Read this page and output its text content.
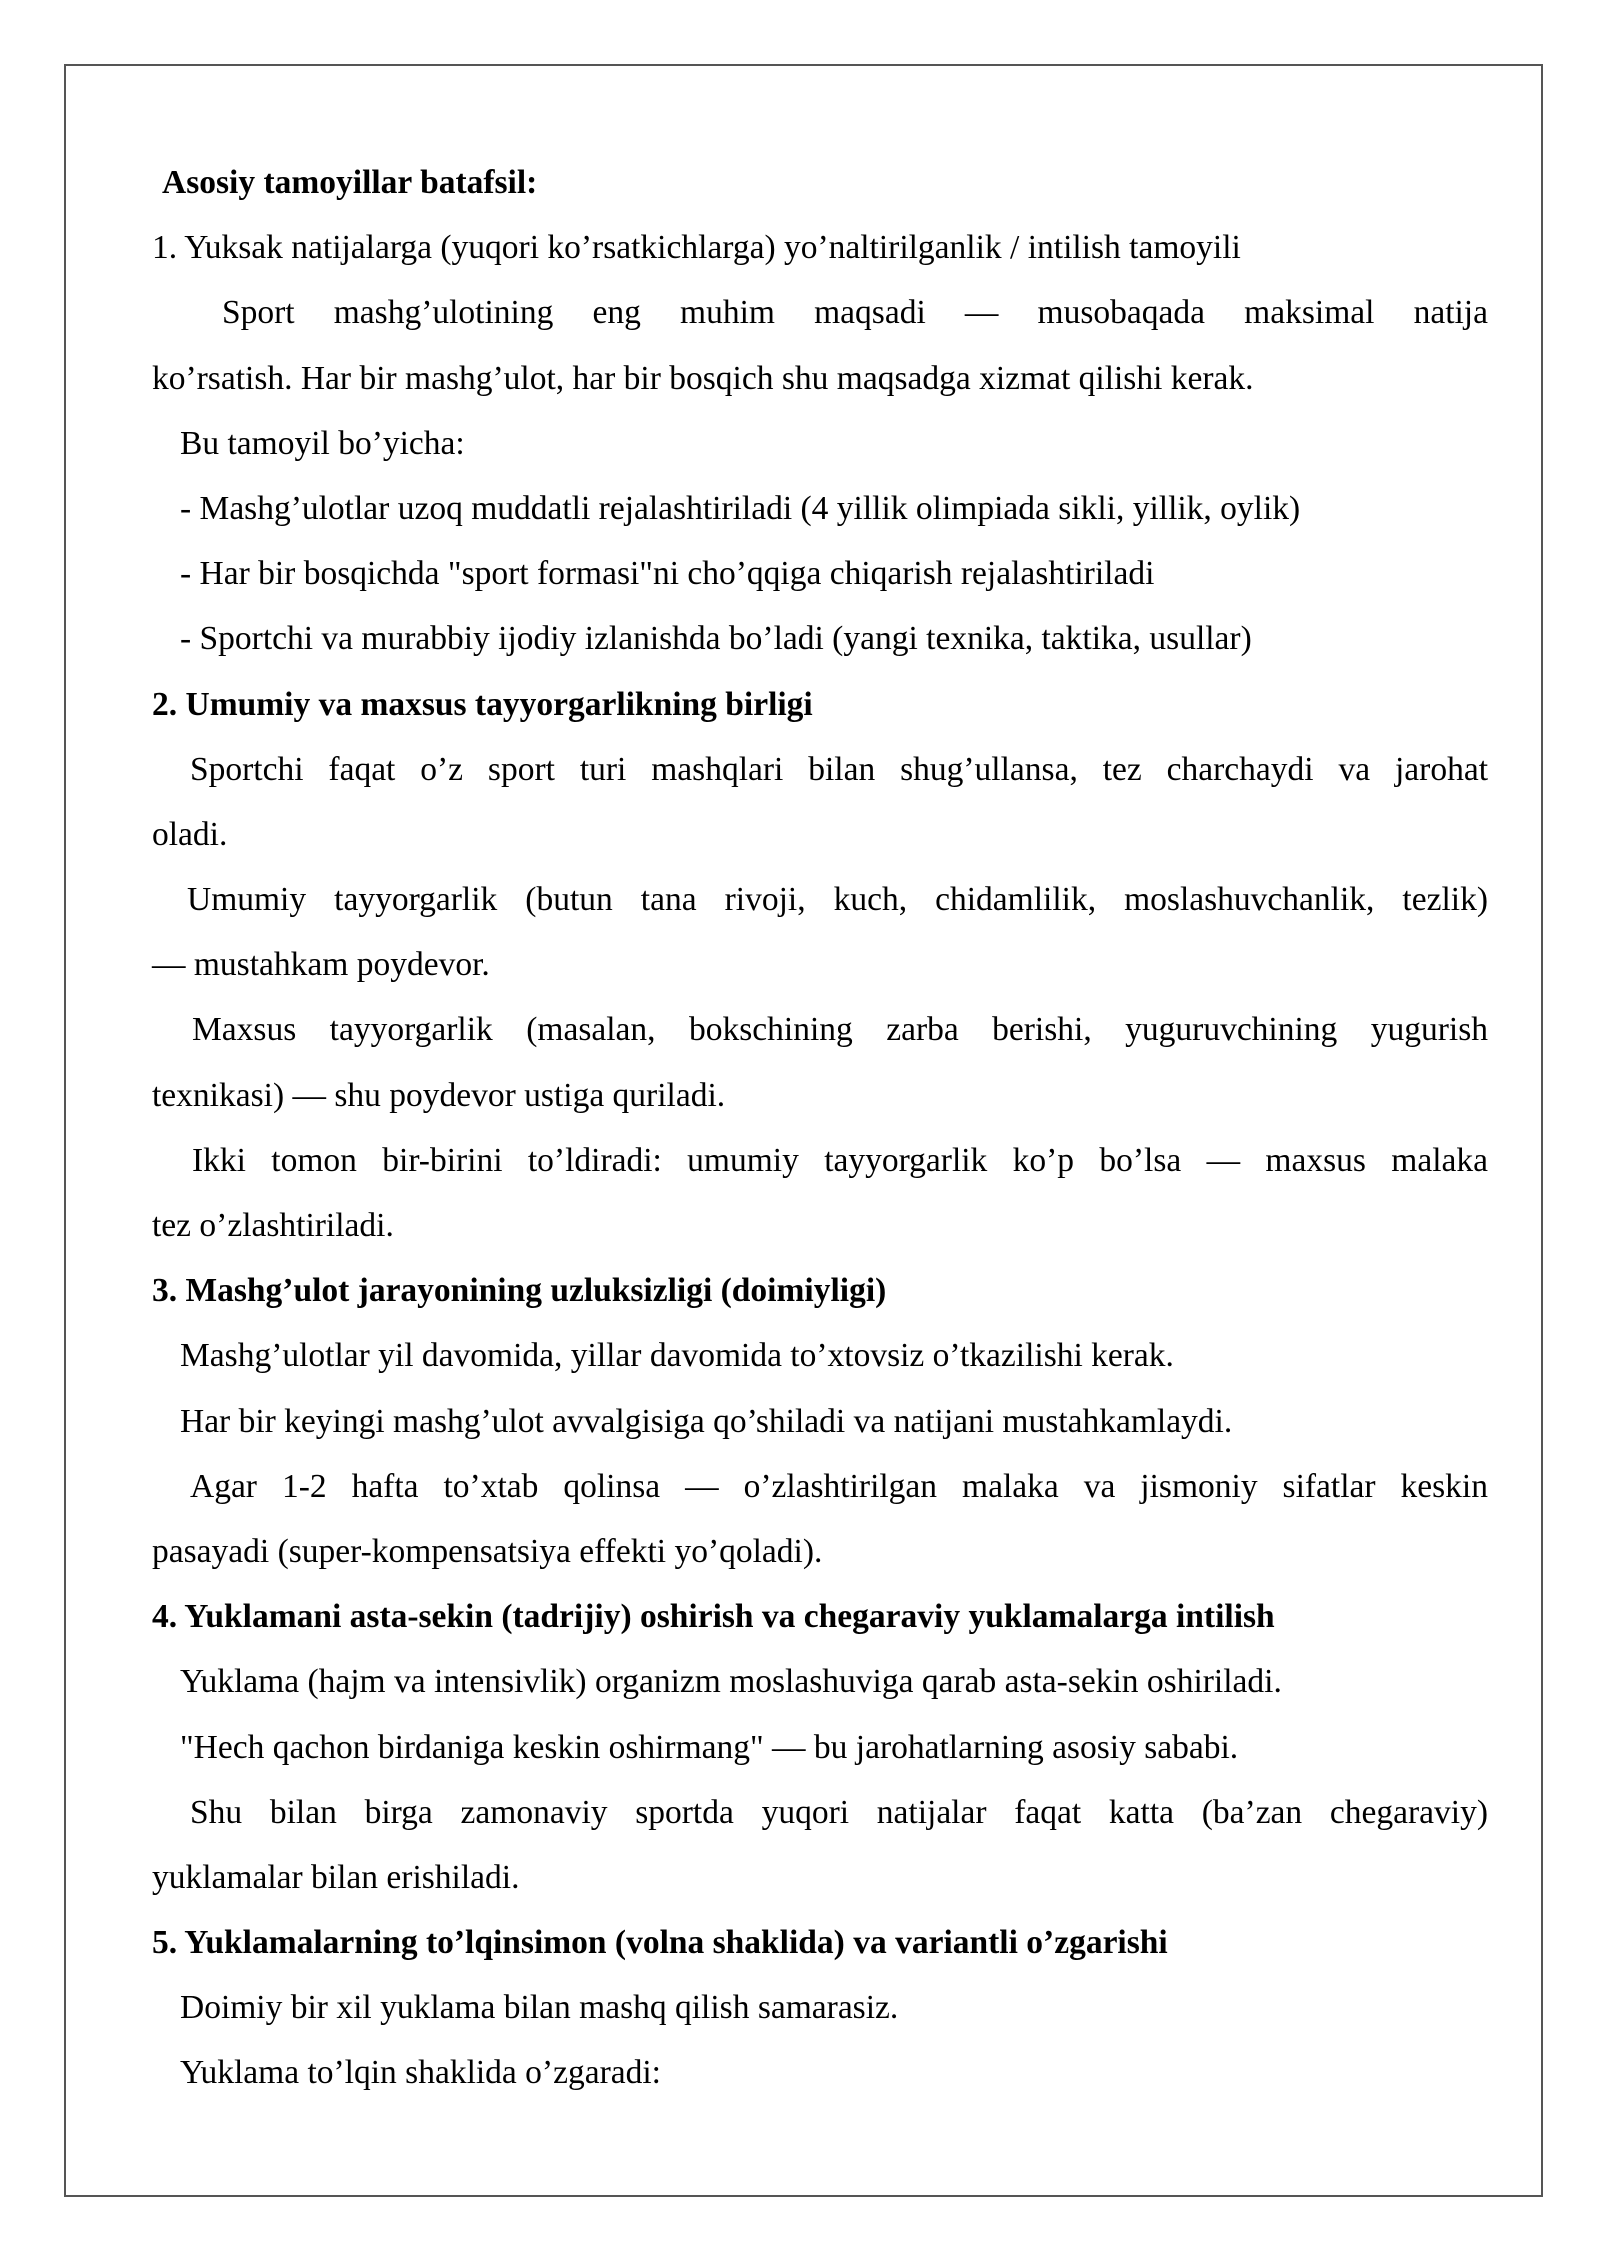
Asosiy tamoyillar batafsil:
1. Yuksak natijalarga (yuqori ko’rsatkichlarga) yo’naltirilganlik / intilish tamoyili
Sport mashg’ulotining eng muhim maqsadi — musobaqada maksimal natija
ko’rsatish. Har bir mashg’ulot, har bir bosqich shu maqsadga xizmat qilishi kerak.
Bu tamoyil bo’yicha:
- Mashg’ulotlar uzoq muddatli rejalashtiriladi (4 yillik olimpiada sikli, yillik, oylik)
- Har bir bosqichda "sport formasi"ni cho’qqiga chiqarish rejalashtiriladi
- Sportchi va murabbiy ijodiy izlanishda bo’ladi (yangi texnika, taktika, usullar)
2. Umumiy va maxsus tayyorgarlikning birligi
Sportchi faqat o’z sport turi mashqlari bilan shug’ullansa, tez charchaydi va jarohat
oladi.
Umumiy tayyorgarlik (butun tana rivoji, kuch, chidamlilik, moslashuvchanlik, tezlik)
— mustahkam poydevor.
Maxsus tayyorgarlik (masalan, bokschining zarba berishi, yuguruvchining yugurish
texnikasi) — shu poydevor ustiga quriladi.
Ikki tomon bir-birini to’ldiradi: umumiy tayyorgarlik ko’p bo’lsa — maxsus malaka
tez o’zlashtiriladi.
3. Mashg’ulot jarayonining uzluksizligi (doimiyligi)
Mashg’ulotlar yil davomida, yillar davomida to’xtovsiz o’tkazilishi kerak.
Har bir keyingi mashg’ulot avvalgisiga qo’shiladi va natijani mustahkamlaydi.
Agar 1-2 hafta to’xtab qolinsa — o’zlashtirilgan malaka va jismoniy sifatlar keskin
pasayadi (super-kompensatsiya effekti yo’qoladi).
4. Yuklamani asta-sekin (tadrijiy) oshirish va chegaraviy yuklamalarga intilish
Yuklama (hajm va intensivlik) organizm moslashuviga qarab asta-sekin oshiriladi.
"Hech qachon birdaniga keskin oshirmang" — bu jarohatlarning asosiy sababi.
Shu bilan birga zamonaviy sportda yuqori natijalar faqat katta (ba’zan chegaraviy)
yuklamalar bilan erishiladi.
5. Yuklamalarning to’lqinsimon (volna shaklida) va variantli o’zgarishi
Doimiy bir xil yuklama bilan mashq qilish samarasiz.
Yuklama to’lqin shaklida o’zgaradi:
